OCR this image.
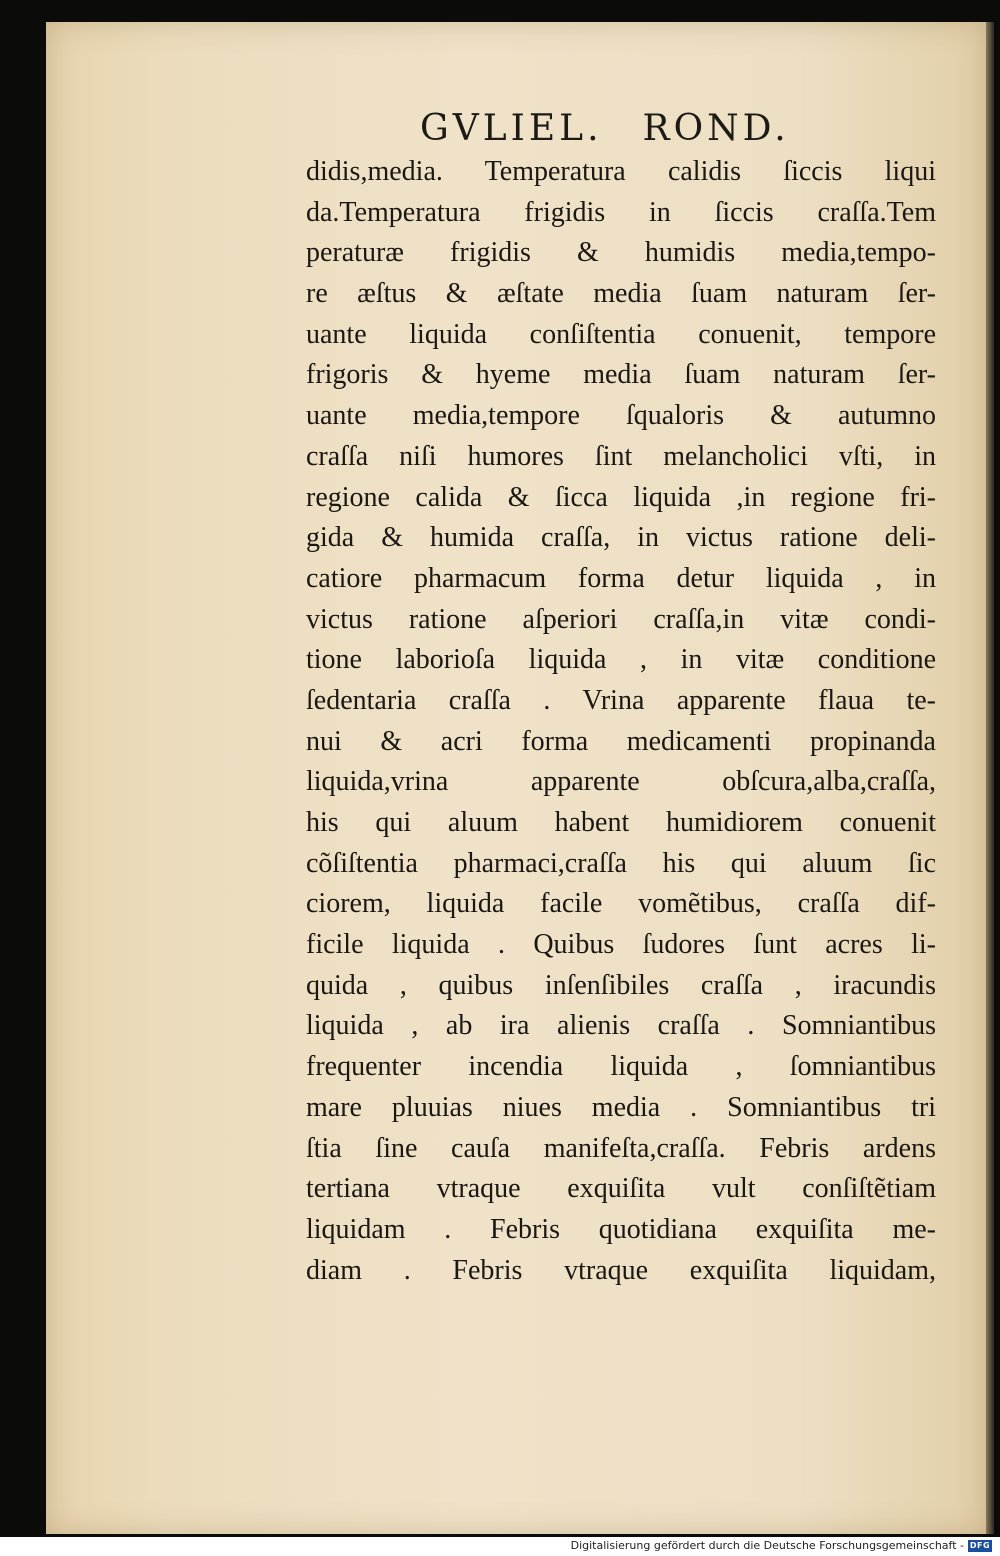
GVLIEL. ROND.
didis,media. Temperatura calidis ſiccis liqui
da.Temperatura frigidis in ſiccis craſſa.Tem
peraturæ frigidis & humidis media,tempo-
re æſtus & æſtate media ſuam naturam ſer-
uante liquida conſiſtentia conuenit, tempore
frigoris & hyeme media ſuam naturam ſer-
uante media,tempore ſqualoris & autumno
craſſa niſi humores ſint melancholici vſti, in
regione calida & ſicca liquida ,in regione fri-
gida & humida craſſa, in victus ratione deli-
catiore pharmacum forma detur liquida , in
victus ratione aſperiori craſſa,in vitæ condi-
tione laborioſa liquida , in vitæ conditione
ſedentaria craſſa . Vrina apparente flaua te-
nui & acri forma medicamenti propinanda
liquida,vrina apparente obſcura,alba,craſſa,
his qui aluum habent humidiorem conuenit
cõſiſtentia pharmaci,craſſa his qui aluum ſic
ciorem, liquida facile vomẽtibus, craſſa dif-
ficile liquida . Quibus ſudores ſunt acres li-
quida , quibus inſenſibiles craſſa , iracundis
liquida , ab ira alienis craſſa . Somniantibus
frequenter incendia liquida , ſomniantibus
mare pluuias niues media . Somniantibus tri
ſtia ſine cauſa manifeſta,craſſa. Febris ardens
tertiana vtraque exquiſita vult conſiſtẽtiam
liquidam . Febris quotidiana exquiſita me-
diam . Febris vtraque exquiſita liquidam,
Digitalisierung gefördert durch die Deutsche Forschungsgemeinschaft - DFG
